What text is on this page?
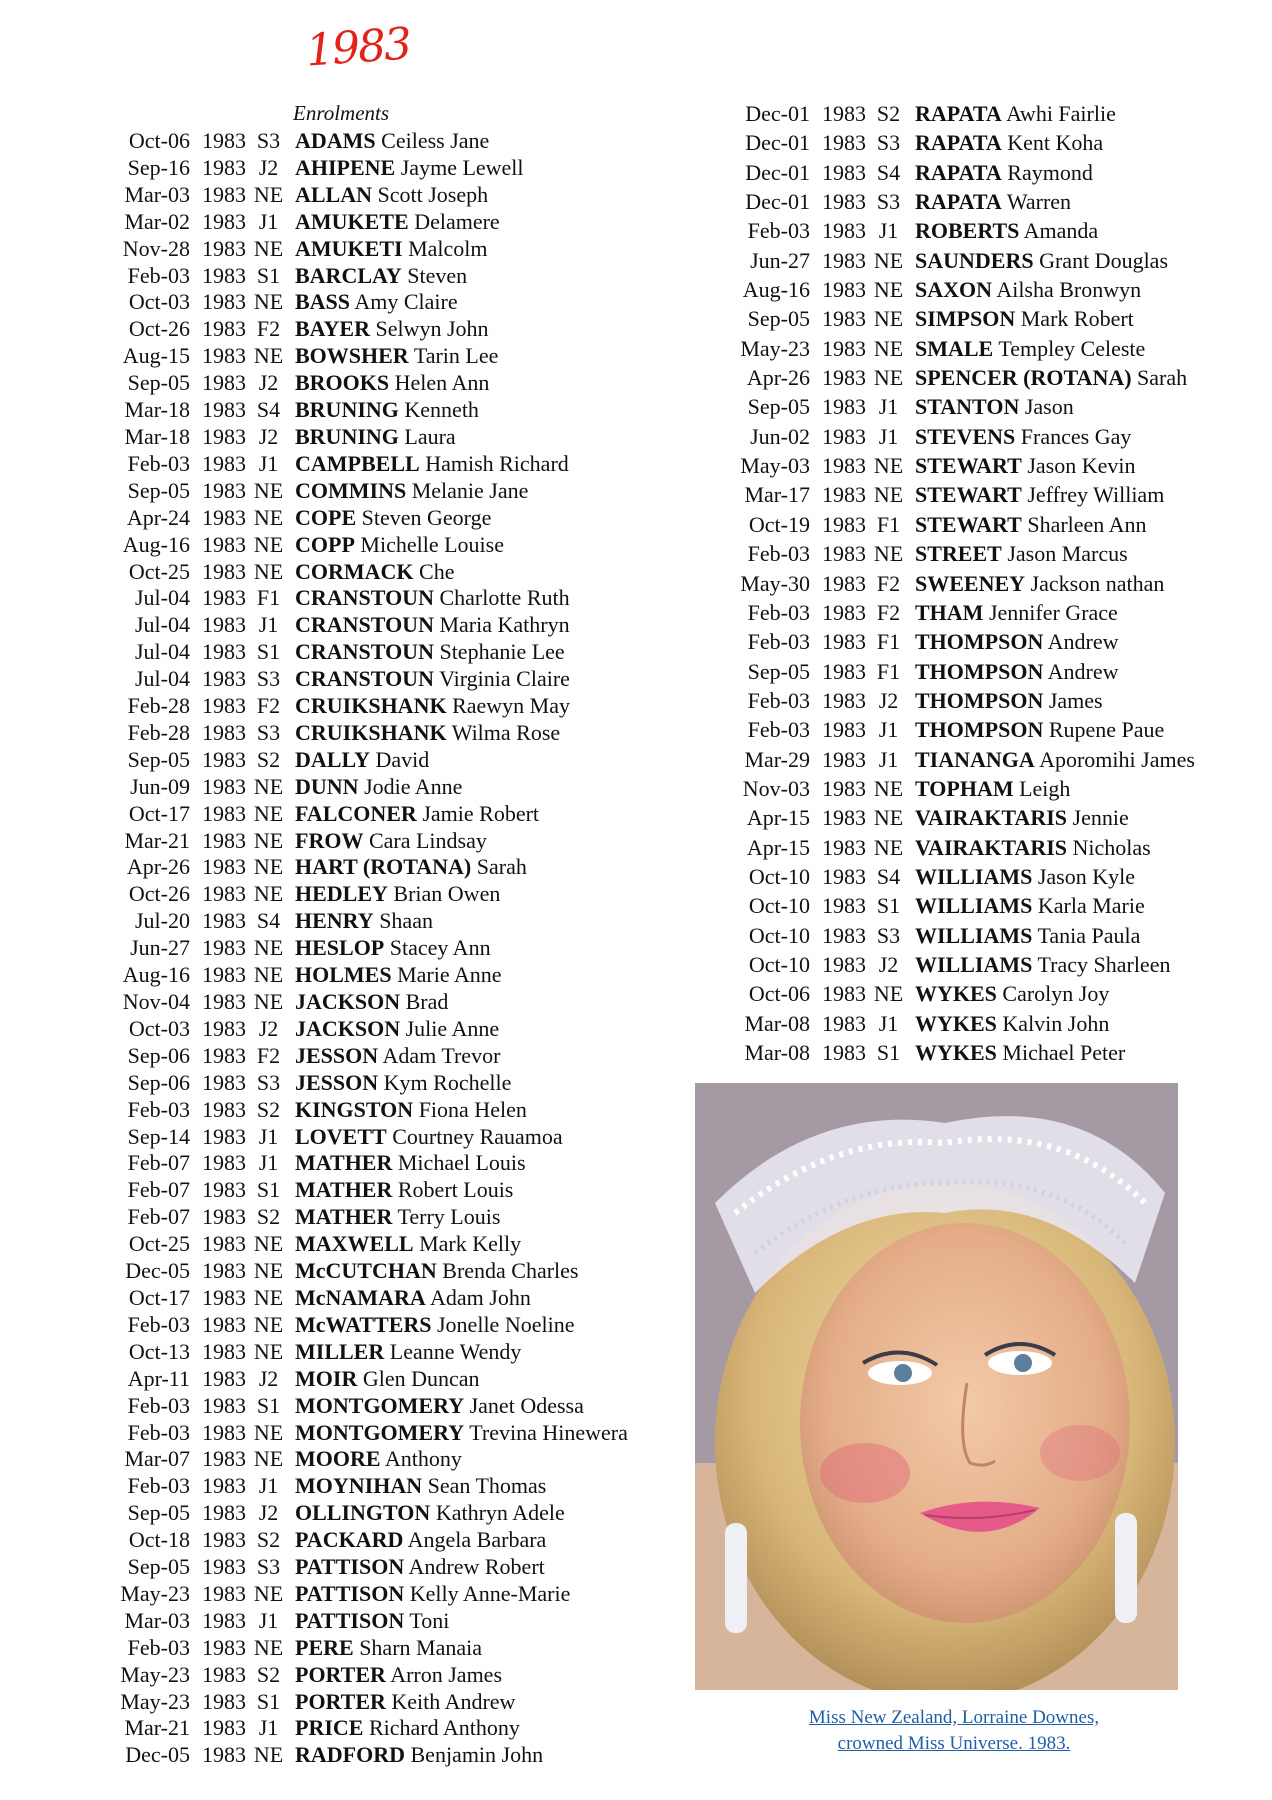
1983
Enrolments
Oct-06 1983 S3 ADAMS Ceiless Jane
Sep-16 1983 J2 AHIPENE Jayme Lewell
Mar-03 1983 NE ALLAN Scott Joseph
Mar-02 1983 J1 AMUKETE Delamere
Nov-28 1983 NE AMUKETI Malcolm
Feb-03 1983 S1 BARCLAY Steven
Oct-03 1983 NE BASS Amy Claire
Oct-26 1983 F2 BAYER Selwyn John
Aug-15 1983 NE BOWSHER Tarin Lee
Sep-05 1983 J2 BROOKS Helen Ann
Mar-18 1983 S4 BRUNING Kenneth
Mar-18 1983 J2 BRUNING Laura
Feb-03 1983 J1 CAMPBELL Hamish Richard
Sep-05 1983 NE COMMINS Melanie Jane
Apr-24 1983 NE COPE Steven George
Aug-16 1983 NE COPP Michelle Louise
Oct-25 1983 NE CORMACK Che
Jul-04 1983 F1 CRANSTOUN Charlotte Ruth
Jul-04 1983 J1 CRANSTOUN Maria Kathryn
Jul-04 1983 S1 CRANSTOUN Stephanie Lee
Jul-04 1983 S3 CRANSTOUN Virginia Claire
Feb-28 1983 F2 CRUIKSHANK Raewyn May
Feb-28 1983 S3 CRUIKSHANK Wilma Rose
Sep-05 1983 S2 DALLY David
Jun-09 1983 NE DUNN Jodie Anne
Oct-17 1983 NE FALCONER Jamie Robert
Mar-21 1983 NE FROW Cara Lindsay
Apr-26 1983 NE HART (ROTANA) Sarah
Oct-26 1983 NE HEDLEY Brian Owen
Jul-20 1983 S4 HENRY Shaan
Jun-27 1983 NE HESLOP Stacey Ann
Aug-16 1983 NE HOLMES Marie Anne
Nov-04 1983 NE JACKSON Brad
Oct-03 1983 J2 JACKSON Julie Anne
Sep-06 1983 F2 JESSON Adam Trevor
Sep-06 1983 S3 JESSON Kym Rochelle
Feb-03 1983 S2 KINGSTON Fiona Helen
Sep-14 1983 J1 LOVETT Courtney Rauamoa
Feb-07 1983 J1 MATHER Michael Louis
Feb-07 1983 S1 MATHER Robert Louis
Feb-07 1983 S2 MATHER Terry Louis
Oct-25 1983 NE MAXWELL Mark Kelly
Dec-05 1983 NE McCUTCHAN Brenda Charles
Oct-17 1983 NE McNAMARA Adam John
Feb-03 1983 NE McWATTERS Jonelle Noeline
Oct-13 1983 NE MILLER Leanne Wendy
Apr-11 1983 J2 MOIR Glen Duncan
Feb-03 1983 S1 MONTGOMERY Janet Odessa
Feb-03 1983 NE MONTGOMERY Trevina Hinewera
Mar-07 1983 NE MOORE Anthony
Feb-03 1983 J1 MOYNIHAN Sean Thomas
Sep-05 1983 J2 OLLINGTON Kathryn Adele
Oct-18 1983 S2 PACKARD Angela Barbara
Sep-05 1983 S3 PATTISON Andrew Robert
May-23 1983 NE PATTISON Kelly Anne-Marie
Mar-03 1983 J1 PATTISON Toni
Feb-03 1983 NE PERE Sharn Manaia
May-23 1983 S2 PORTER Arron James
May-23 1983 S1 PORTER Keith Andrew
Mar-21 1983 J1 PRICE Richard Anthony
Dec-05 1983 NE RADFORD Benjamin John
Dec-01 1983 S2 RAPATA Awhi Fairlie
Dec-01 1983 S3 RAPATA Kent Koha
Dec-01 1983 S4 RAPATA Raymond
Dec-01 1983 S3 RAPATA Warren
Feb-03 1983 J1 ROBERTS Amanda
Jun-27 1983 NE SAUNDERS Grant Douglas
Aug-16 1983 NE SAXON Ailsha Bronwyn
Sep-05 1983 NE SIMPSON Mark Robert
May-23 1983 NE SMALE Templey Celeste
Apr-26 1983 NE SPENCER (ROTANA) Sarah
Sep-05 1983 J1 STANTON Jason
Jun-02 1983 J1 STEVENS Frances Gay
May-03 1983 NE STEWART Jason Kevin
Mar-17 1983 NE STEWART Jeffrey William
Oct-19 1983 F1 STEWART Sharleen Ann
Feb-03 1983 NE STREET Jason Marcus
May-30 1983 F2 SWEENEY Jackson nathan
Feb-03 1983 F2 THAM Jennifer Grace
Feb-03 1983 F1 THOMPSON Andrew
Sep-05 1983 F1 THOMPSON Andrew
Feb-03 1983 J2 THOMPSON James
Feb-03 1983 J1 THOMPSON Rupene Paue
Mar-29 1983 J1 TIANANGA Aporomihi James
Nov-03 1983 NE TOPHAM Leigh
Apr-15 1983 NE VAIRAKTARIS Jennie
Apr-15 1983 NE VAIRAKTARIS Nicholas
Oct-10 1983 S4 WILLIAMS Jason Kyle
Oct-10 1983 S1 WILLIAMS Karla Marie
Oct-10 1983 S3 WILLIAMS Tania Paula
Oct-10 1983 J2 WILLIAMS Tracy Sharleen
Oct-06 1983 NE WYKES Carolyn Joy
Mar-08 1983 J1 WYKES Kalvin John
Mar-08 1983 S1 WYKES Michael Peter
Miss New Zealand, Lorraine Downes,
crowned Miss Universe. 1983.
